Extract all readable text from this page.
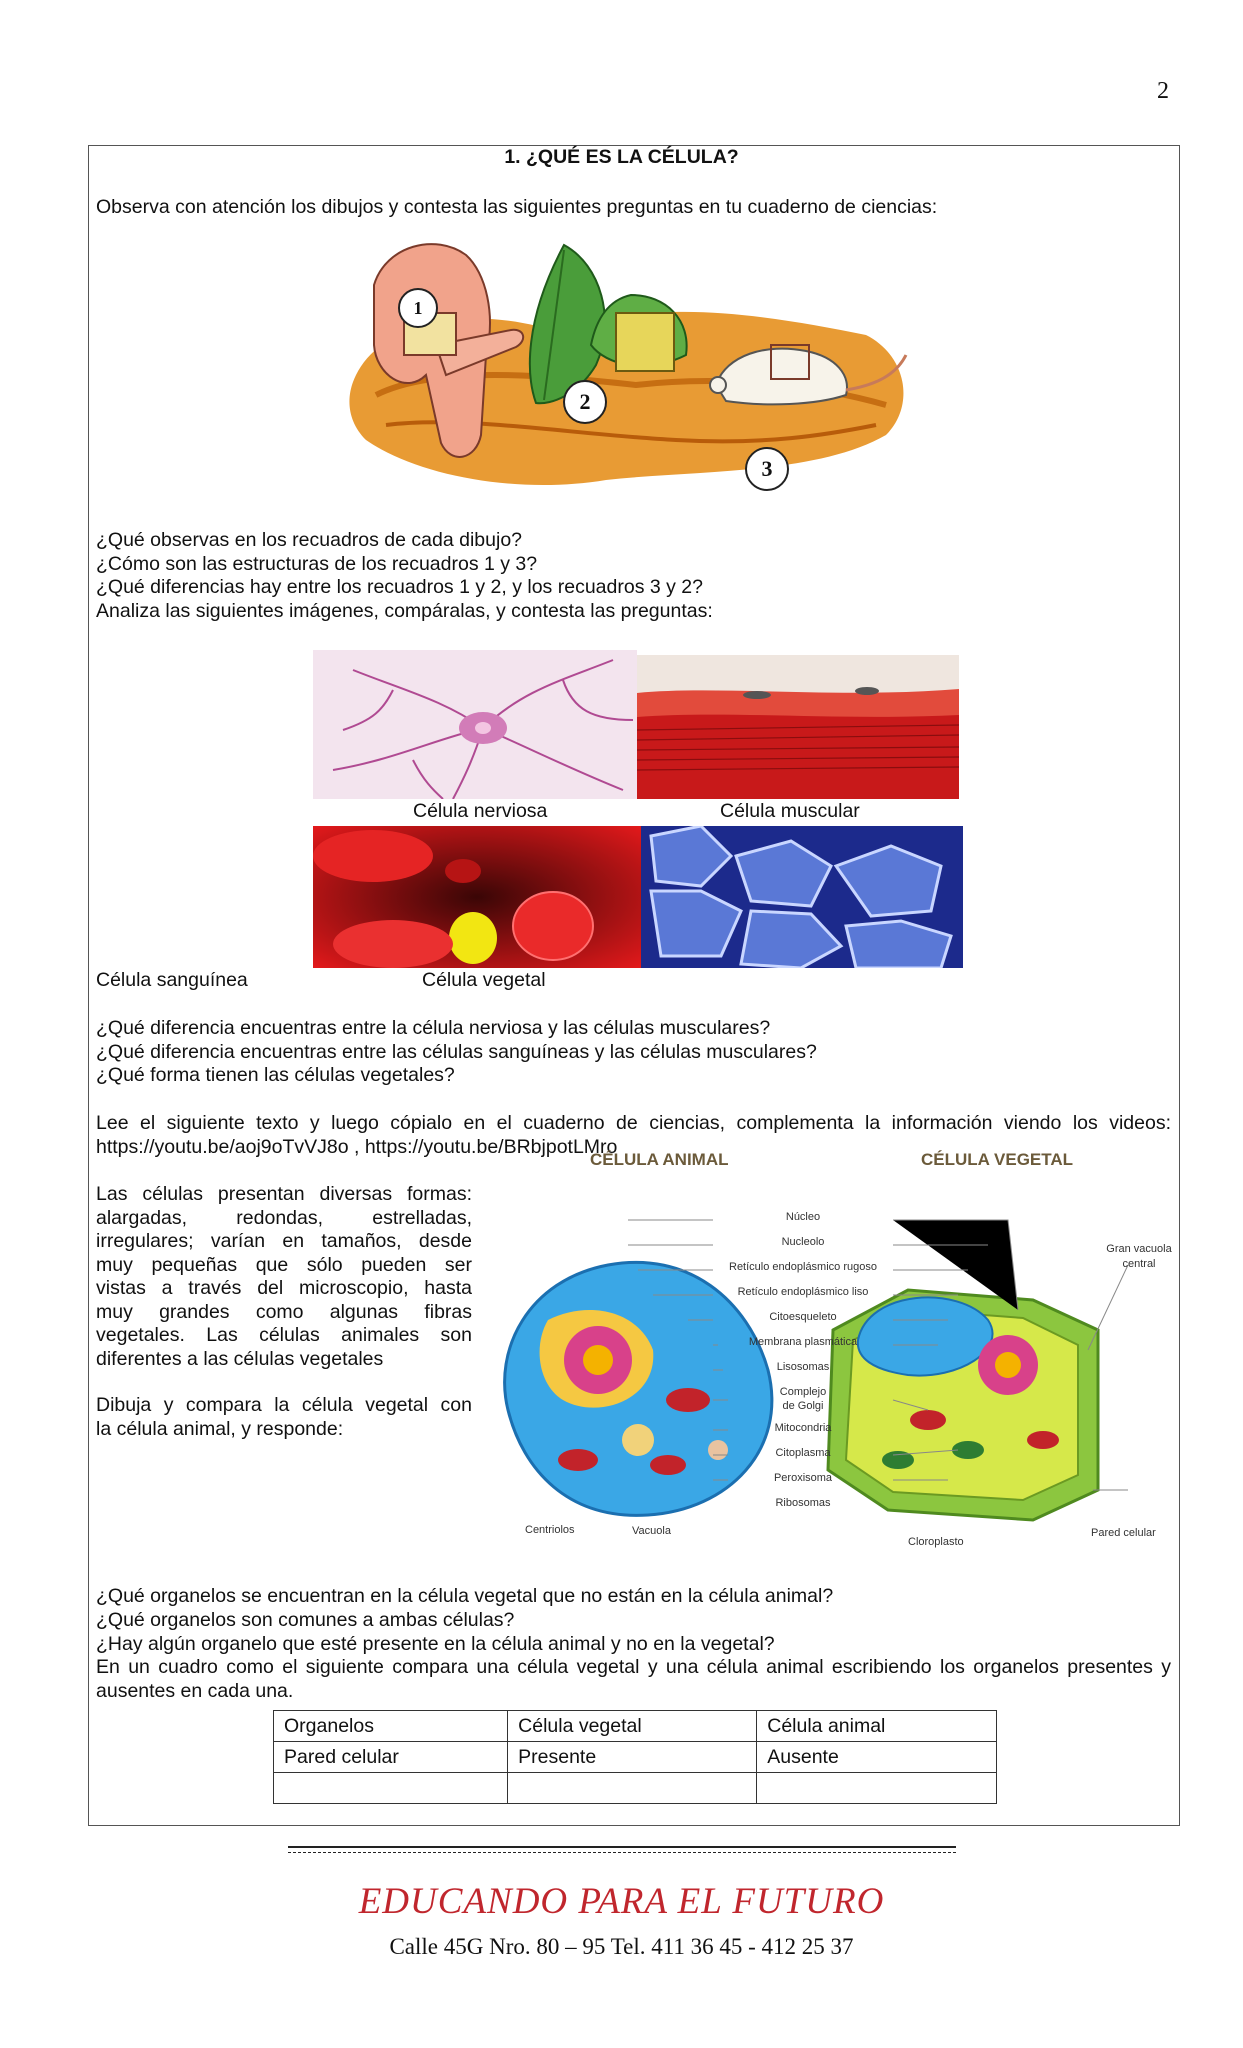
2
1. ¿QUÉ ES LA CÉLULA?
Observa con atención los dibujos y contesta las siguientes preguntas en tu cuaderno de ciencias:
1
2
3
¿Qué observas en los recuadros de cada dibujo?
¿Cómo son las estructuras de los recuadros 1 y 3?
¿Qué diferencias hay entre los recuadros 1 y 2, y los recuadros 3 y 2?
Analiza las siguientes imágenes, compáralas, y contesta las preguntas:
Célula nerviosa	Célula muscular
Célula sanguínea	Célula vegetal
¿Qué diferencia encuentras entre la célula nerviosa y las células musculares?
¿Qué diferencia encuentras entre las células sanguíneas y las células musculares?
¿Qué forma tienen las células vegetales?
Lee el siguiente texto y luego cópialo en el cuaderno de ciencias, complementa la información viendo los videos:
https://youtu.be/aoj9oTvVJ8o , https://youtu.be/BRbjpotLMro
Las células presentan diversas formas:
alargadas, redondas, estrelladas,
irregulares; varían en tamaños, desde
muy pequeñas que sólo pueden ser
vistas a través del microscopio, hasta
muy grandes como algunas fibras
vegetales. Las células animales son
diferentes a las células vegetales
Dibuja y compara la célula vegetal con
la célula animal, y responde:
CÉLULA ANIMAL	CÉLULA VEGETAL
Núcleo
Nucleolo
Retículo endoplásmico rugoso
Retículo endoplásmico liso
Citoesqueleto
Membrana plasmática
Lisosomas
Complejo
de Golgi
Mitocondria
Citoplasma
Peroxisoma
Ribosomas
Gran vacuola
central
Centriolos	Vacuola
Cloroplasto
Pared celular
¿Qué organelos se encuentran en la célula vegetal que no están en la célula animal?
¿Qué organelos son comunes a ambas células?
¿Hay algún organelo que esté presente en la célula animal y no en la vegetal?
En un cuadro como el siguiente compara una célula vegetal y una célula animal escribiendo los organelos presentes y ausentes en cada una.
Organelos	Célula vegetal	Célula animal
Pared celular	Presente	Ausente

EDUCANDO PARA EL FUTURO
Calle 45G Nro. 80 – 95 Tel. 411 36 45 - 412 25 37
